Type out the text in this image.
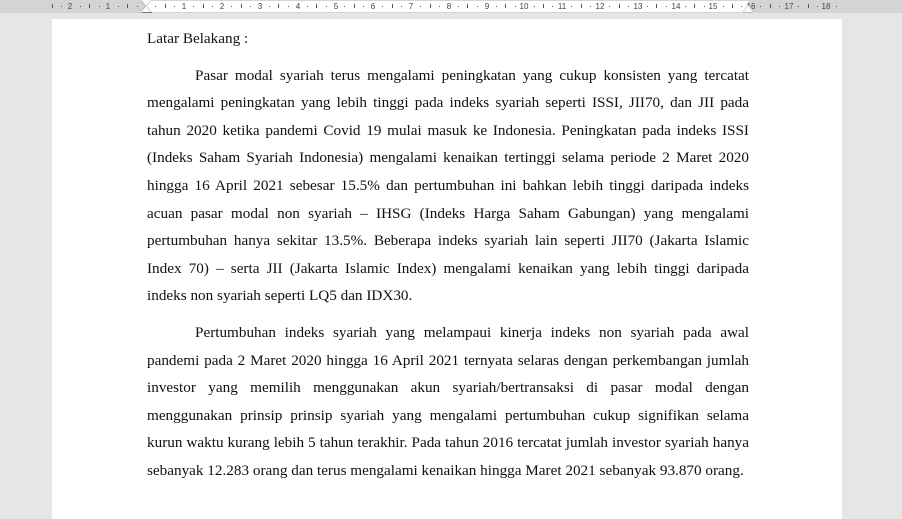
2	1	1	2	3	4	5	6	7	8	9	10	11	12	13	14	15	16	17	18

Latar Belakang :

Pasar modal syariah terus mengalami peningkatan yang cukup konsisten yang tercatat mengalami peningkatan yang lebih tinggi pada indeks syariah seperti ISSI, JII70, dan JII pada tahun 2020 ketika pandemi Covid 19 mulai masuk ke Indonesia. Peningkatan pada indeks ISSI (Indeks Saham Syariah Indonesia) mengalami kenaikan tertinggi selama periode 2 Maret 2020 hingga 16 April 2021 sebesar 15.5% dan pertumbuhan ini bahkan lebih tinggi daripada indeks acuan pasar modal non syariah – IHSG (Indeks Harga Saham Gabungan) yang mengalami pertumbuhan hanya sekitar 13.5%. Beberapa indeks syariah lain seperti JII70 (Jakarta Islamic Index 70) – serta JII (Jakarta Islamic Index) mengalami kenaikan yang lebih tinggi daripada indeks non syariah seperti LQ5 dan IDX30.

Pertumbuhan indeks syariah yang melampaui kinerja indeks non syariah pada awal pandemi pada 2 Maret 2020 hingga 16 April 2021 ternyata selaras dengan perkembangan jumlah investor yang memilih menggunakan akun syariah/bertransaksi di pasar modal dengan menggunakan prinsip prinsip syariah yang mengalami pertumbuhan cukup signifikan selama kurun waktu kurang lebih 5 tahun terakhir. Pada tahun 2016 tercatat jumlah investor syariah hanya sebanyak 12.283 orang dan terus mengalami kenaikan hingga Maret 2021 sebanyak 93.870 orang.
